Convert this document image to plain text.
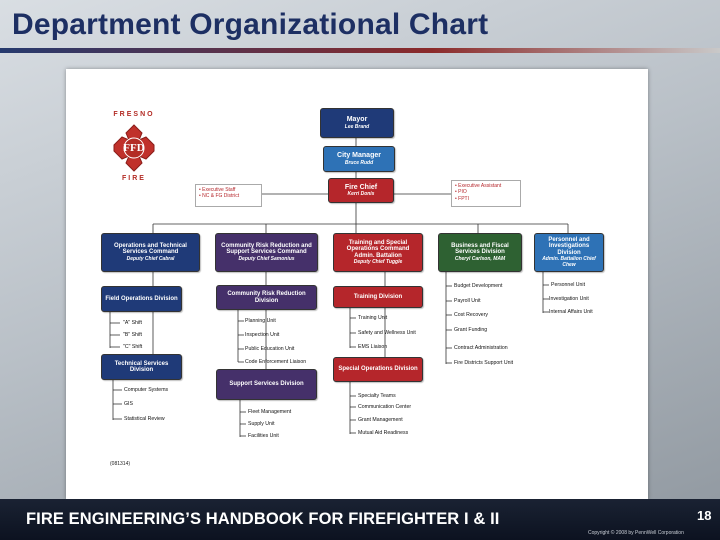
Department Organizational Chart
FRESNO
FFD
FIRE
Mayor
Lee Brand
City Manager
Bruce Rudd
Fire Chief
Kerri Donis
• Executive Staff
• NC & FG District
• Executive Assistant
• PIO
• FPTI
Operations and Technical Services Command
Deputy Chief Cabral
Community Risk Reduction and Support Services Command
Deputy Chief Samonius
Training and Special Operations Command Admin. Battalion
Deputy Chief Tuggle
Business and Fiscal Services Division
Cheryl Carlson, MAM
Personnel and Investigations Division
Admin. Battalion Chief Chew
Field Operations Division
Technical Services Division
Community Risk Reduction Division
Support Services Division
Training Division
Special Operations Division
"A" Shift
"B" Shift
"C" Shift
Computer Systems
GIS
Statistical Review
Planning Unit
Inspection Unit
Public Education Unit
Code Enforcement Liaison
Fleet Management
Supply Unit
Facilities Unit
Training Unit
Safety and Wellness Unit
EMS Liaison
Specialty Teams
Communication Center
Grant Management
Mutual Aid Readiness
Budget Development
Payroll Unit
Cost Recovery
Grant Funding
Contract Administration
Fire Districts Support Unit
Personnel Unit
Investigation Unit
Internal Affairs Unit
(081314)
FIRE ENGINEERING’S HANDBOOK FOR FIREFIGHTER I & II	18
Copyright © 2008 by PennWell Corporation
